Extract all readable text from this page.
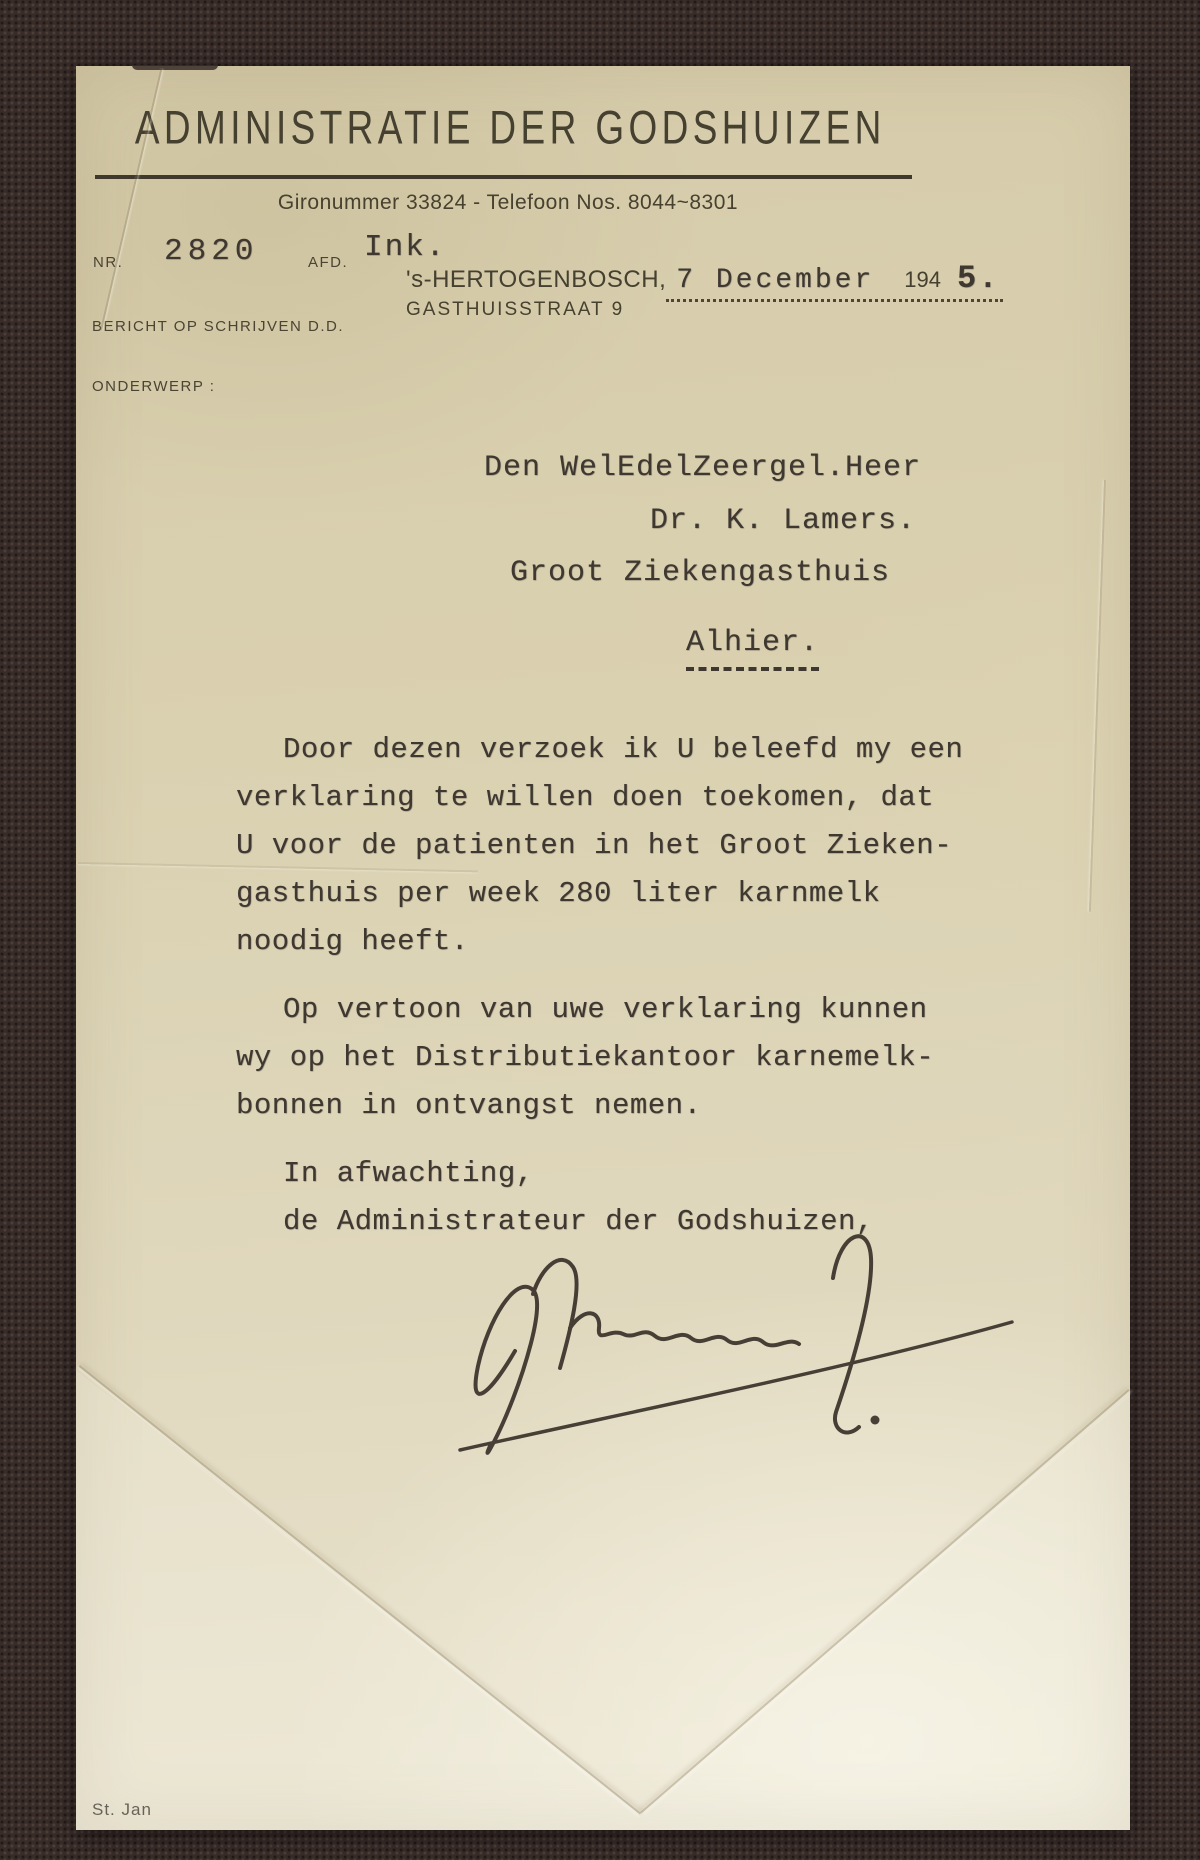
ADMINISTRATIE DER GODSHUIZEN
Gironummer 33824 - Telefoon Nos. 8044~8301
NR. 2820	AFD. Ink.
's-HERTOGENBOSCH, 7 December 194 5.
GASTHUISSTRAAT 9
BERICHT OP SCHRIJVEN D.D.
ONDERWERP :
Den WelEdelZeergel.Heer
Dr. K. Lamers.
Groot Ziekengasthuis
Alhier.
Door dezen verzoek ik U beleefd my een
verklaring te willen doen toekomen, dat
U voor de patienten in het Groot Zieken-
gasthuis per week 280 liter karnmelk
noodig heeft.
Op vertoon van uwe verklaring kunnen
wy op het Distributiekantoor karnemelk-
bonnen in ontvangst nemen.
In afwachting,
de Administrateur der Godshuizen,
St. Jan
